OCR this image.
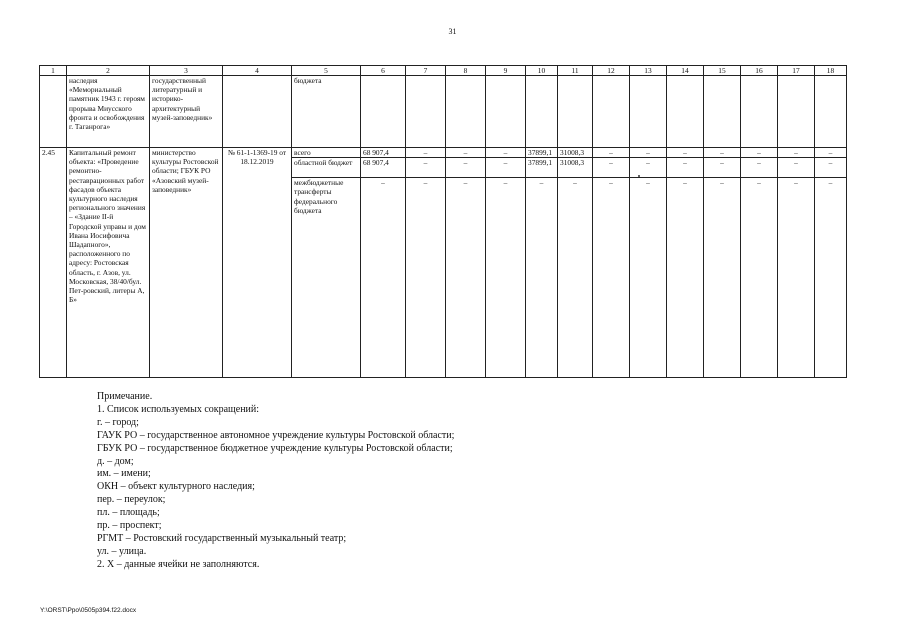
31
1	2	3	4	5	6	7	8	9	10	11	12	13	14	15	16	17	18
	наследия «Мемориальный памятник 1943 г. героям прорыва Миусского фронта и освобождения г. Таганрога»	государственный литературный и историко-архитектурный музей-заповедник»		бюджета													
2.45	Капитальный ремонт объекта: «Проведение ремонтно-реставрационных работ фасадов объекта культурного наследия регионального значения – «Здание II-й Городской управы и дом Ивана Иосифовича Шадапного», расположенного по адресу: Ростовская область, г. Азов, ул. Московская, 38/40/бул. Пет-ровский, литеры А, Б»	министерство культуры Ростовской области; ГБУК РО «Азовский музей-заповедник»	№ 61-1-1369-19 от 18.12.2019	всего	68 907,4	–	–	–	37899,1	31008,3	–	–	–	–	–	–	–
				областной бюджет	68 907,4	–	–	–	37899,1	31008,3	–	–	–	–	–	–	–
				межбюджетные трансферты федерального бюджета	–	–	–	–	–	–	–	–	–	–	–	–	–
Примечание.
1. Список используемых сокращений:
г. – город;
ГАУК РО – государственное автономное учреждение культуры Ростовской области;
ГБУК РО – государственное бюджетное учреждение культуры Ростовской области;
д. – дом;
им. – имени;
ОКН – объект культурного наследия;
пер. – переулок;
пл. – площадь;
пр. – проспект;
РГМТ – Ростовский государственный музыкальный театр;
ул. – улица.
2. Х – данные ячейки не заполняются.
Y:\ORST\Ppo\0505p394.f22.docx
